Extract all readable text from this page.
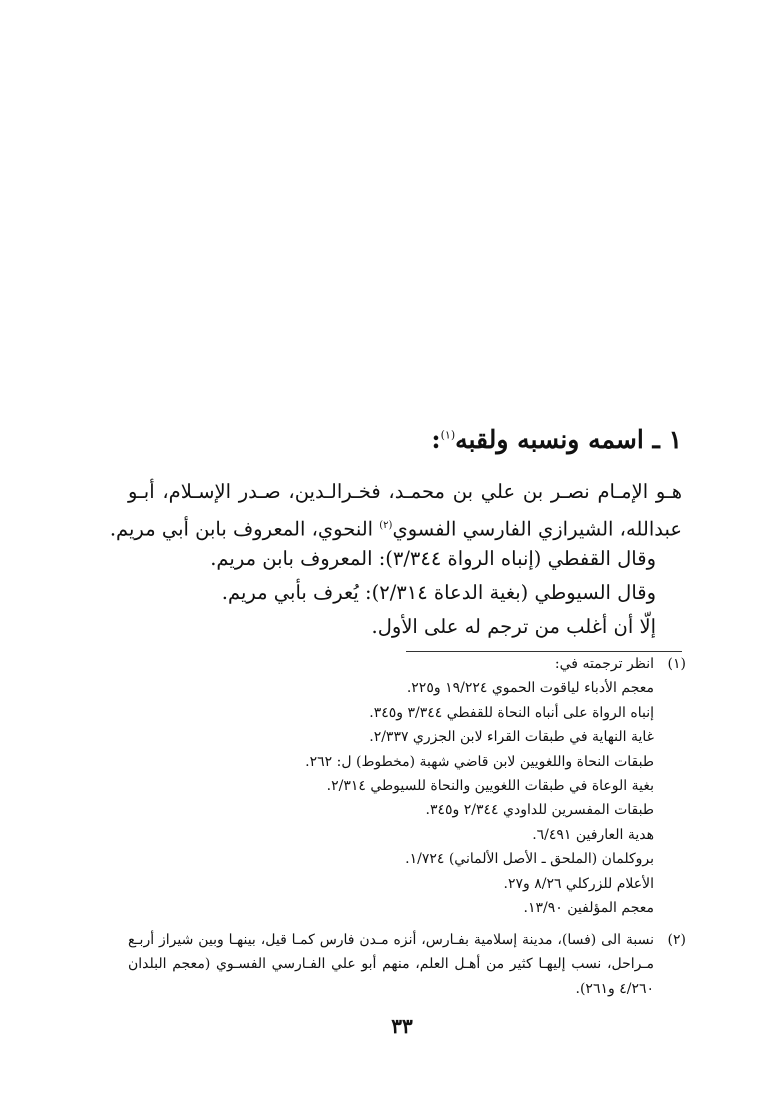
١ ـ اسمه ونسبه ولقبه$^{(١)}$:
هـو الإمـام نصـر بن علي بن محمـد، فخـرالـدين، صـدر الإسـلام، أبـو
عبدالله، الشيرازي الفارسي الفسوي$^{(٢)}$ النحوي، المعروف بابن أبي مريم.
وقال القفطي (إنباه الرواة ٣/٣٤٤): المعروف بابن مريم.
وقال السيوطي (بغية الدعاة ٢/٣١٤): يُعرف بأبي مريم.
إلّا أن أغلب من ترجم له على الأول.
(١)
انظر ترجمته في:
معجم الأدباء لياقوت الحموي ١٩/٢٢٤ و٢٢٥.
إنباه الرواة على أنباه النحاة للقفطي ٣/٣٤٤ و٣٤٥.
غاية النهاية في طبقات القراء لابن الجزري ٢/٣٣٧.
طبقات النحاة واللغويين لابن قاضي شهبة (مخطوط) ل: ٢٦٢.
بغية الوعاة في طبقات اللغويين والنحاة للسيوطي ٢/٣١٤.
طبقات المفسرين للداودي ٢/٣٤٤ و٣٤٥.
هدية العارفين ٦/٤٩١.
بروكلمان (الملحق ـ الأصل الألماني) ١/٧٢٤.
الأعلام للزركلي ٨/٢٦ و٢٧.
معجم المؤلفين ١٣/٩٠.
(٢)
نسبة الى (فسا)، مدينة إسلامية بفـارس، أنزه مـدن فارس كمـا قيل، بينهـا وبين شيراز أربـع
مـراحل، نسب إليهـا كثير من أهـل العلم، منهم أبو علي الفـارسي الفسـوي (معجم البلدان
٤/٢٦٠ و٢٦١).
٣٣
